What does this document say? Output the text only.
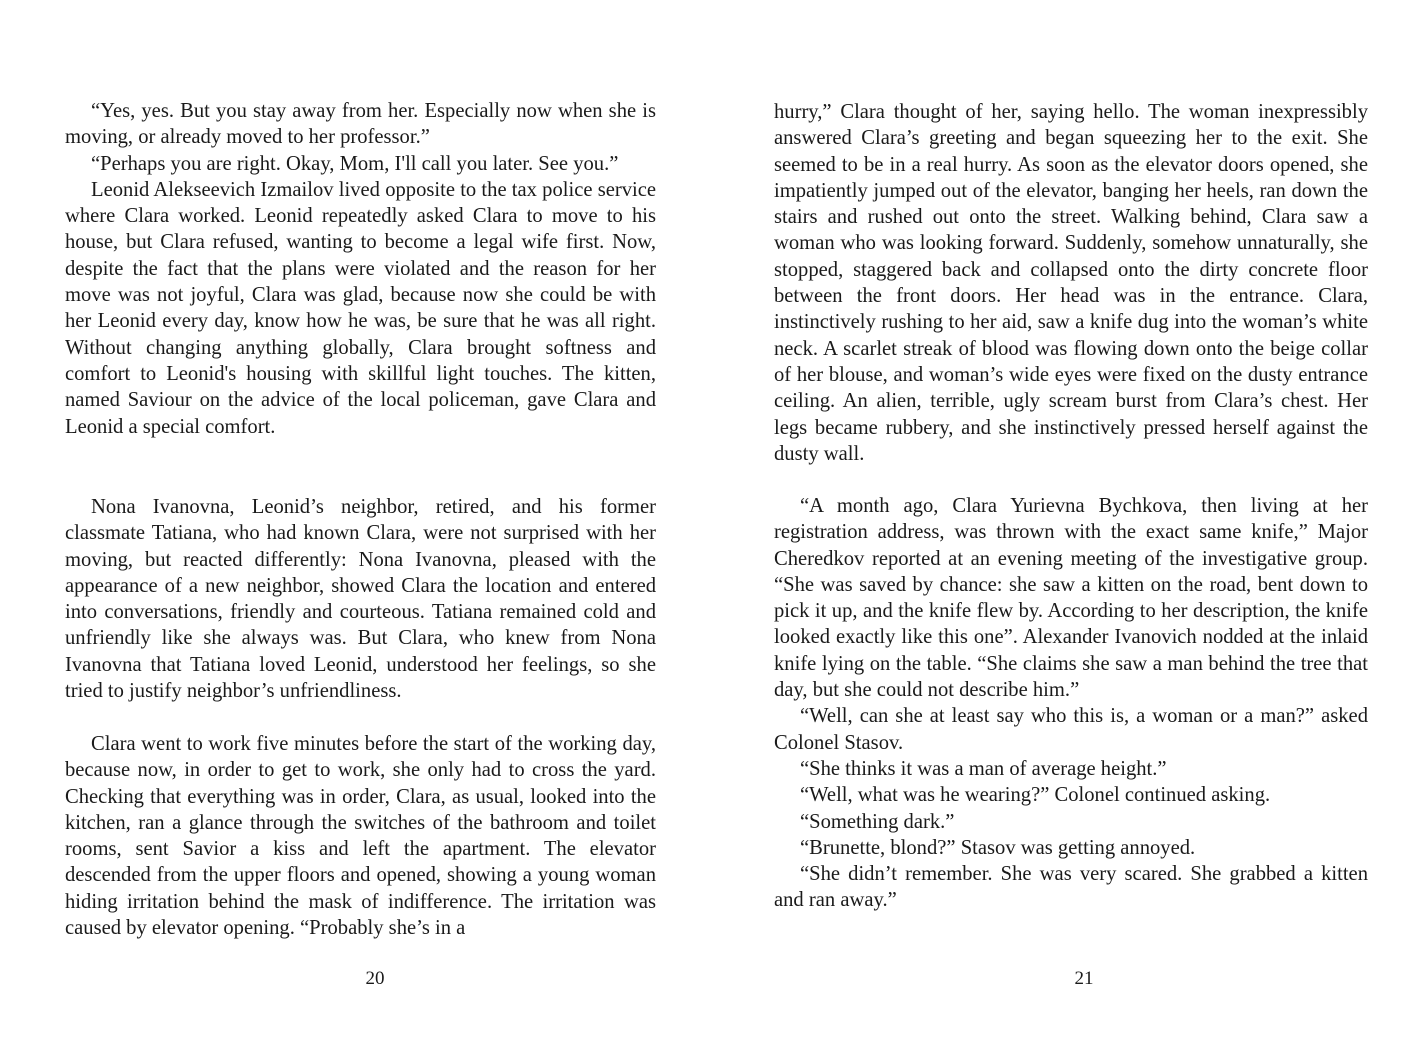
“Yes, yes. But you stay away from her. Especially now when she is moving, or already moved to her professor.”

“Perhaps you are right. Okay, Mom, I'll call you later. See you.”

Leonid Alekseevich Izmailov lived opposite to the tax police service where Clara worked. Leonid repeatedly asked Clara to move to his house, but Clara refused, wanting to become a legal wife first. Now, despite the fact that the plans were violated and the reason for her move was not joyful, Clara was glad, because now she could be with her Leonid every day, know how he was, be sure that he was all right. Without changing anything globally, Clara brought softness and comfort to Leonid's housing with skillful light touches. The kitten, named Saviour on the advice of the local policeman, gave Clara and Leonid a special comfort.

Nona Ivanovna, Leonid’s neighbor, retired, and his former classmate Tatiana, who had known Clara, were not surprised with her moving, but reacted differently: Nona Ivanovna, pleased with the appearance of a new neighbor, showed Clara the location and entered into conversations, friendly and courteous. Tatiana remained cold and unfriendly like she always was. But Clara, who knew from Nona Ivanovna that Tatiana loved Leonid, understood her feelings, so she tried to justify neighbor’s unfriendliness.

Clara went to work five minutes before the start of the working day, because now, in order to get to work, she only had to cross the yard. Checking that everything was in order, Clara, as usual, looked into the kitchen, ran a glance through the switches of the bathroom and toilet rooms, sent Savior a kiss and left the apartment. The elevator descended from the upper floors and opened, showing a young woman hiding irritation behind the mask of indifference. The irritation was caused by elevator opening. “Probably she’s in a

20

hurry,” Clara thought of her, saying hello. The woman inexpressibly answered Clara’s greeting and began squeezing her to the exit. She seemed to be in a real hurry. As soon as the elevator doors opened, she impatiently jumped out of the elevator, banging her heels, ran down the stairs and rushed out onto the street. Walking behind, Clara saw a woman who was looking forward. Suddenly, somehow unnaturally, she stopped, staggered back and collapsed onto the dirty concrete floor between the front doors. Her head was in the entrance. Clara, instinctively rushing to her aid, saw a knife dug into the woman’s white neck. A scarlet streak of blood was flowing down onto the beige collar of her blouse, and woman’s wide eyes were fixed on the dusty entrance ceiling. An alien, terrible, ugly scream burst from Clara’s chest. Her legs became rubbery, and she instinctively pressed herself against the dusty wall.

“A month ago, Clara Yurievna Bychkova, then living at her registration address, was thrown with the exact same knife,” Major Cheredkov reported at an evening meeting of the investigative group. “She was saved by chance: she saw a kitten on the road, bent down to pick it up, and the knife flew by. According to her description, the knife looked exactly like this one”. Alexander Ivanovich nodded at the inlaid knife lying on the table. “She claims she saw a man behind the tree that day, but she could not describe him.”

“Well, can she at least say who this is, a woman or a man?” asked Colonel Stasov.

“She thinks it was a man of average height.”

“Well, what was he wearing?” Colonel continued asking.

“Something dark.”

“Brunette, blond?” Stasov was getting annoyed.

“She didn’t remember. She was very scared. She grabbed a kitten and ran away.”

21
